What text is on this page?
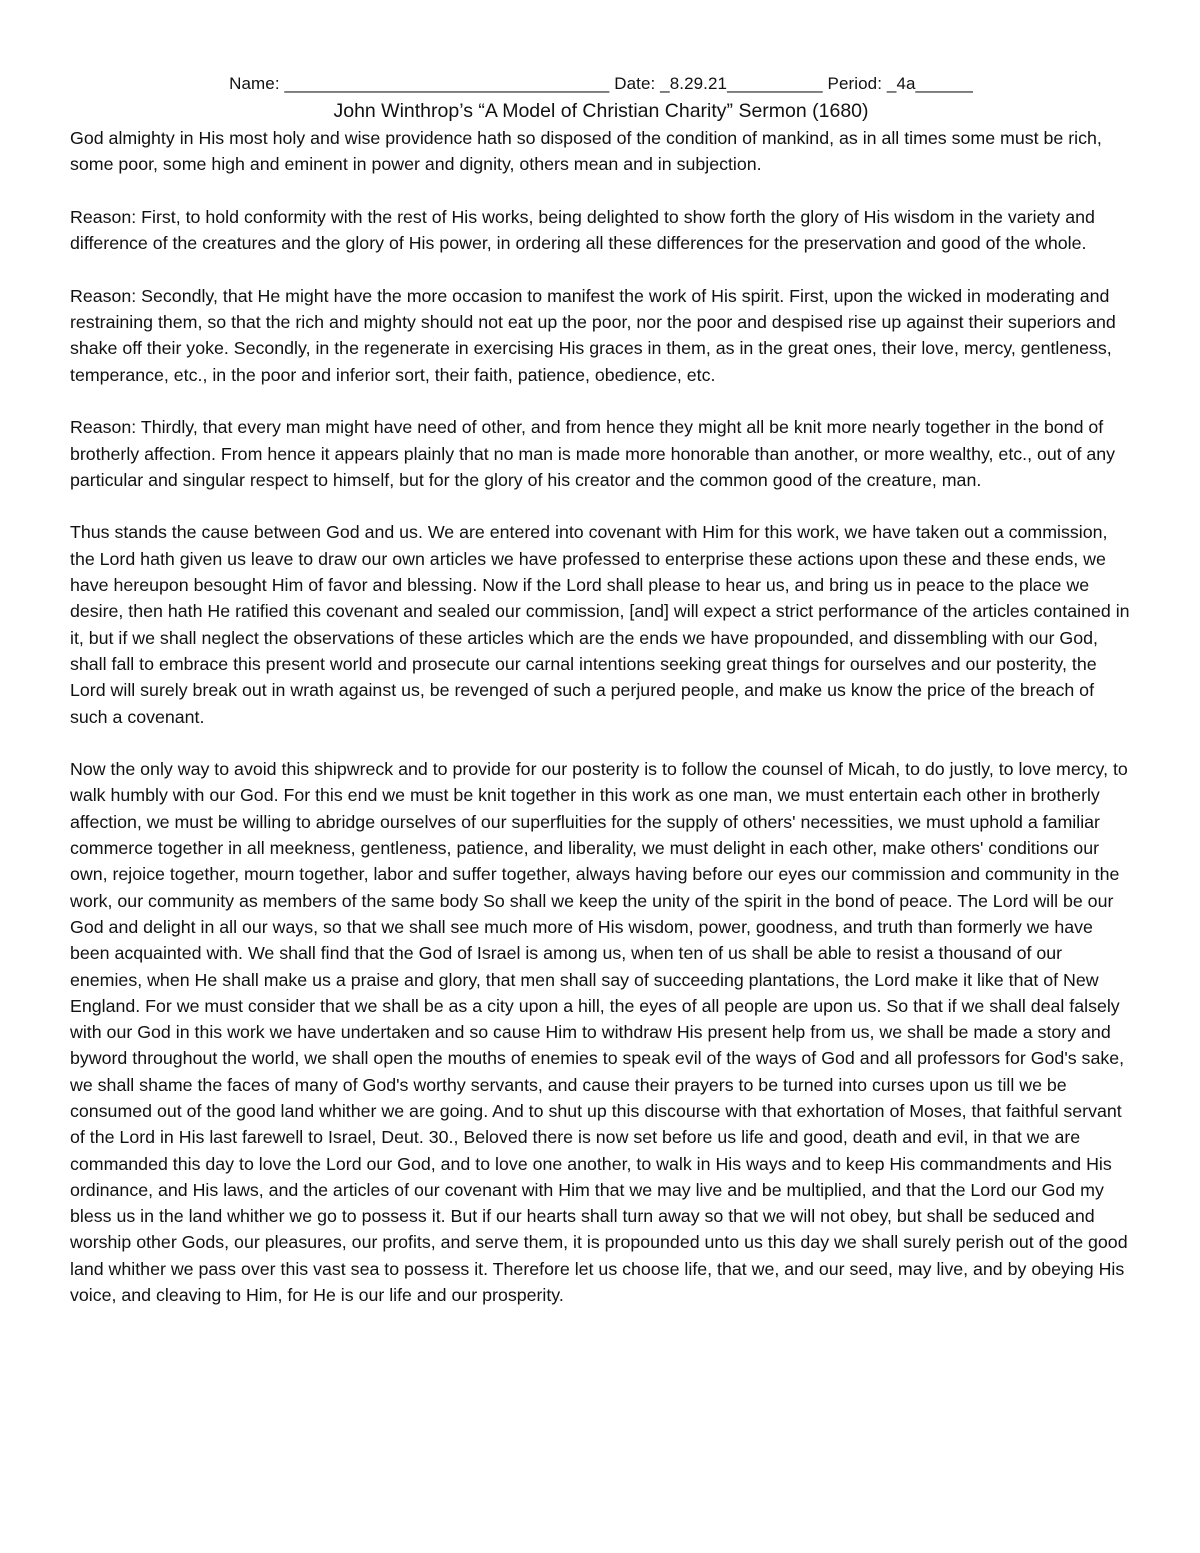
Name: __________________________________ Date: _8.29.21__________ Period: _4a______
John Winthrop’s “A Model of Christian Charity” Sermon (1680)

God almighty in His most holy and wise providence hath so disposed of the condition of mankind, as in all times some must be rich, some poor, some high and eminent in power and dignity, others mean and in subjection.

Reason: First, to hold conformity with the rest of His works, being delighted to show forth the glory of His wisdom in the variety and difference of the creatures and the glory of His power, in ordering all these differences for the preservation and good of the whole.

Reason: Secondly, that He might have the more occasion to manifest the work of His spirit. First, upon the wicked in moderating and restraining them, so that the rich and mighty should not eat up the poor, nor the poor and despised rise up against their superiors and shake off their yoke. Secondly, in the regenerate in exercising His graces in them, as in the great ones, their love, mercy, gentleness, temperance, etc., in the poor and inferior sort, their faith, patience, obedience, etc.

Reason: Thirdly, that every man might have need of other, and from hence they might all be knit more nearly together in the bond of brotherly affection. From hence it appears plainly that no man is made more honorable than another, or more wealthy, etc., out of any particular and singular respect to himself, but for the glory of his creator and the common good of the creature, man.

Thus stands the cause between God and us. We are entered into covenant with Him for this work, we have taken out a commission, the Lord hath given us leave to draw our own articles we have professed to enterprise these actions upon these and these ends, we have hereupon besought Him of favor and blessing. Now if the Lord shall please to hear us, and bring us in peace to the place we desire, then hath He ratified this covenant and sealed our commission, [and] will expect a strict performance of the articles contained in it, but if we shall neglect the observations of these articles which are the ends we have propounded, and dissembling with our God, shall fall to embrace this present world and prosecute our carnal intentions seeking great things for ourselves and our posterity, the Lord will surely break out in wrath against us, be revenged of such a perjured people, and make us know the price of the breach of such a covenant.

Now the only way to avoid this shipwreck and to provide for our posterity is to follow the counsel of Micah, to do justly, to love mercy, to walk humbly with our God. For this end we must be knit together in this work as one man, we must entertain each other in brotherly affection, we must be willing to abridge ourselves of our superfluities for the supply of others' necessities, we must uphold a familiar commerce together in all meekness, gentleness, patience, and liberality, we must delight in each other, make others' conditions our own, rejoice together, mourn together, labor and suffer together, always having before our eyes our commission and community in the work, our community as members of the same body So shall we keep the unity of the spirit in the bond of peace. The Lord will be our God and delight in all our ways, so that we shall see much more of His wisdom, power, goodness, and truth than formerly we have been acquainted with. We shall find that the God of Israel is among us, when ten of us shall be able to resist a thousand of our enemies, when He shall make us a praise and glory, that men shall say of succeeding plantations, the Lord make it like that of New England. For we must consider that we shall be as a city upon a hill, the eyes of all people are upon us. So that if we shall deal falsely with our God in this work we have undertaken and so cause Him to withdraw His present help from us, we shall be made a story and byword throughout the world, we shall open the mouths of enemies to speak evil of the ways of God and all professors for God's sake, we shall shame the faces of many of God's worthy servants, and cause their prayers to be turned into curses upon us till we be consumed out of the good land whither we are going. And to shut up this discourse with that exhortation of Moses, that faithful servant of the Lord in His last farewell to Israel, Deut. 30., Beloved there is now set before us life and good, death and evil, in that we are commanded this day to love the Lord our God, and to love one another, to walk in His ways and to keep His commandments and His ordinance, and His laws, and the articles of our covenant with Him that we may live and be multiplied, and that the Lord our God my bless us in the land whither we go to possess it. But if our hearts shall turn away so that we will not obey, but shall be seduced and worship other Gods, our pleasures, our profits, and serve them, it is propounded unto us this day we shall surely perish out of the good land whither we pass over this vast sea to possess it. Therefore let us choose life, that we, and our seed, may live, and by obeying His voice, and cleaving to Him, for He is our life and our prosperity.
